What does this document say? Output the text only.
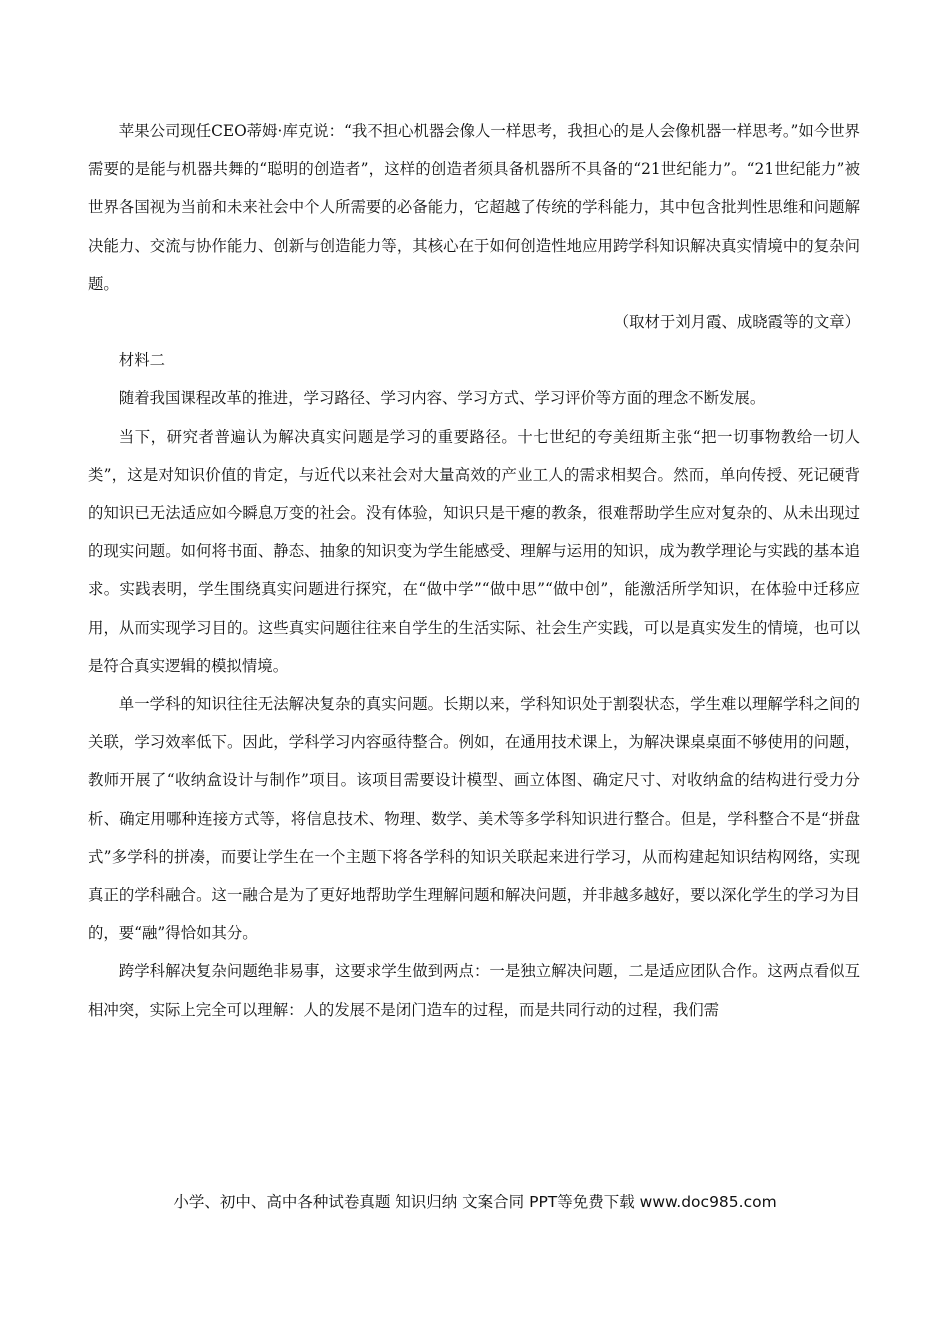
苹果公司现任CEO蒂姆·库克说：“我不担心机器会像人一样思考，我担心的是人会像机器一样思考。”如今世界需要的是能与机器共舞的“聪明的创造者”，这样的创造者须具备机器所不具备的“21世纪能力”。“21世纪能力”被世界各国视为当前和未来社会中个人所需要的必备能力，它超越了传统的学科能力，其中包含批判性思维和问题解决能力、交流与协作能力、创新与创造能力等，其核心在于如何创造性地应用跨学科知识解决真实情境中的复杂问题。

（取材于刘月霞、成晓霞等的文章）

材料二

随着我国课程改革的推进，学习路径、学习内容、学习方式、学习评价等方面的理念不断发展。

当下，研究者普遍认为解决真实问题是学习的重要路径。十七世纪的夸美纽斯主张“把一切事物教给一切人类”，这是对知识价值的肯定，与近代以来社会对大量高效的产业工人的需求相契合。然而，单向传授、死记硬背的知识已无法适应如今瞬息万变的社会。没有体验，知识只是干瘪的教条，很难帮助学生应对复杂的、从未出现过的现实问题。如何将书面、静态、抽象的知识变为学生能感受、理解与运用的知识，成为教学理论与实践的基本追求。实践表明，学生围绕真实问题进行探究，在“做中学”“做中思”“做中创”，能激活所学知识，在体验中迁移应用，从而实现学习目的。这些真实问题往往来自学生的生活实际、社会生产实践，可以是真实发生的情境，也可以是符合真实逻辑的模拟情境。

单一学科的知识往往无法解决复杂的真实问题。长期以来，学科知识处于割裂状态，学生难以理解学科之间的关联，学习效率低下。因此，学科学习内容亟待整合。例如，在通用技术课上，为解决课桌桌面不够使用的问题，教师开展了“收纳盒设计与制作”项目。该项目需要设计模型、画立体图、确定尺寸、对收纳盒的结构进行受力分析、确定用哪种连接方式等，将信息技术、物理、数学、美术等多学科知识进行整合。但是，学科整合不是“拼盘式”多学科的拼凑，而要让学生在一个主题下将各学科的知识关联起来进行学习，从而构建起知识结构网络，实现真正的学科融合。这一融合是为了更好地帮助学生理解问题和解决问题，并非越多越好，要以深化学生的学习为目的，要“融”得恰如其分。

跨学科解决复杂问题绝非易事，这要求学生做到两点：一是独立解决问题，二是适应团队合作。这两点看似互相冲突，实际上完全可以理解：人的发展不是闭门造车的过程，而是共同行动的过程，我们需

小学、初中、高中各种试卷真题 知识归纳 文案合同 PPT等免费下载 www.doc985.com
